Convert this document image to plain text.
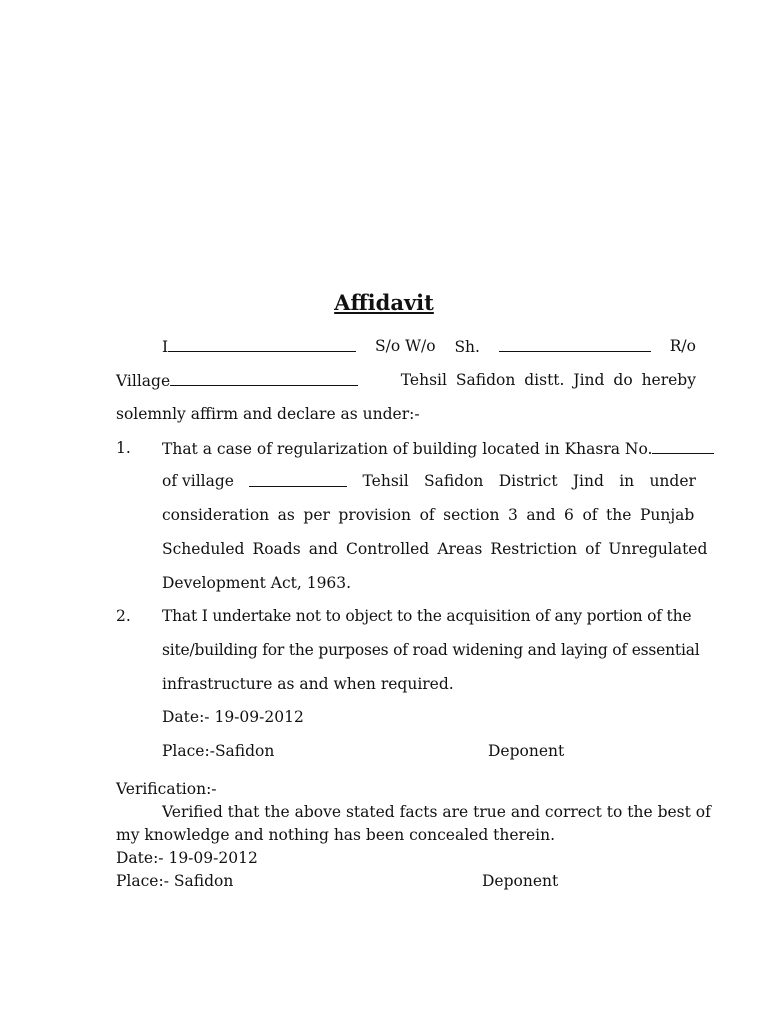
Affidavit
I	S/o W/o Sh.	R/o
Village	Tehsil Safidon distt. Jind do hereby
solemnly affirm and declare as under:-
1. That a case of regularization of building located in Khasra No.
of village	Tehsil Safidon District Jind in under
consideration as per provision of section 3 and 6 of the Punjab
Scheduled Roads and Controlled Areas Restriction of Unregulated
Development Act, 1963.
2. That I undertake not to object to the acquisition of any portion of the
site/building for the purposes of road widening and laying of essential
infrastructure as and when required.
Date:- 19-09-2012
Place:-Safidon	Deponent
Verification:-
Verified that the above stated facts are true and correct to the best of
my knowledge and nothing has been concealed therein.
Date:- 19-09-2012
Place:- Safidon	Deponent
